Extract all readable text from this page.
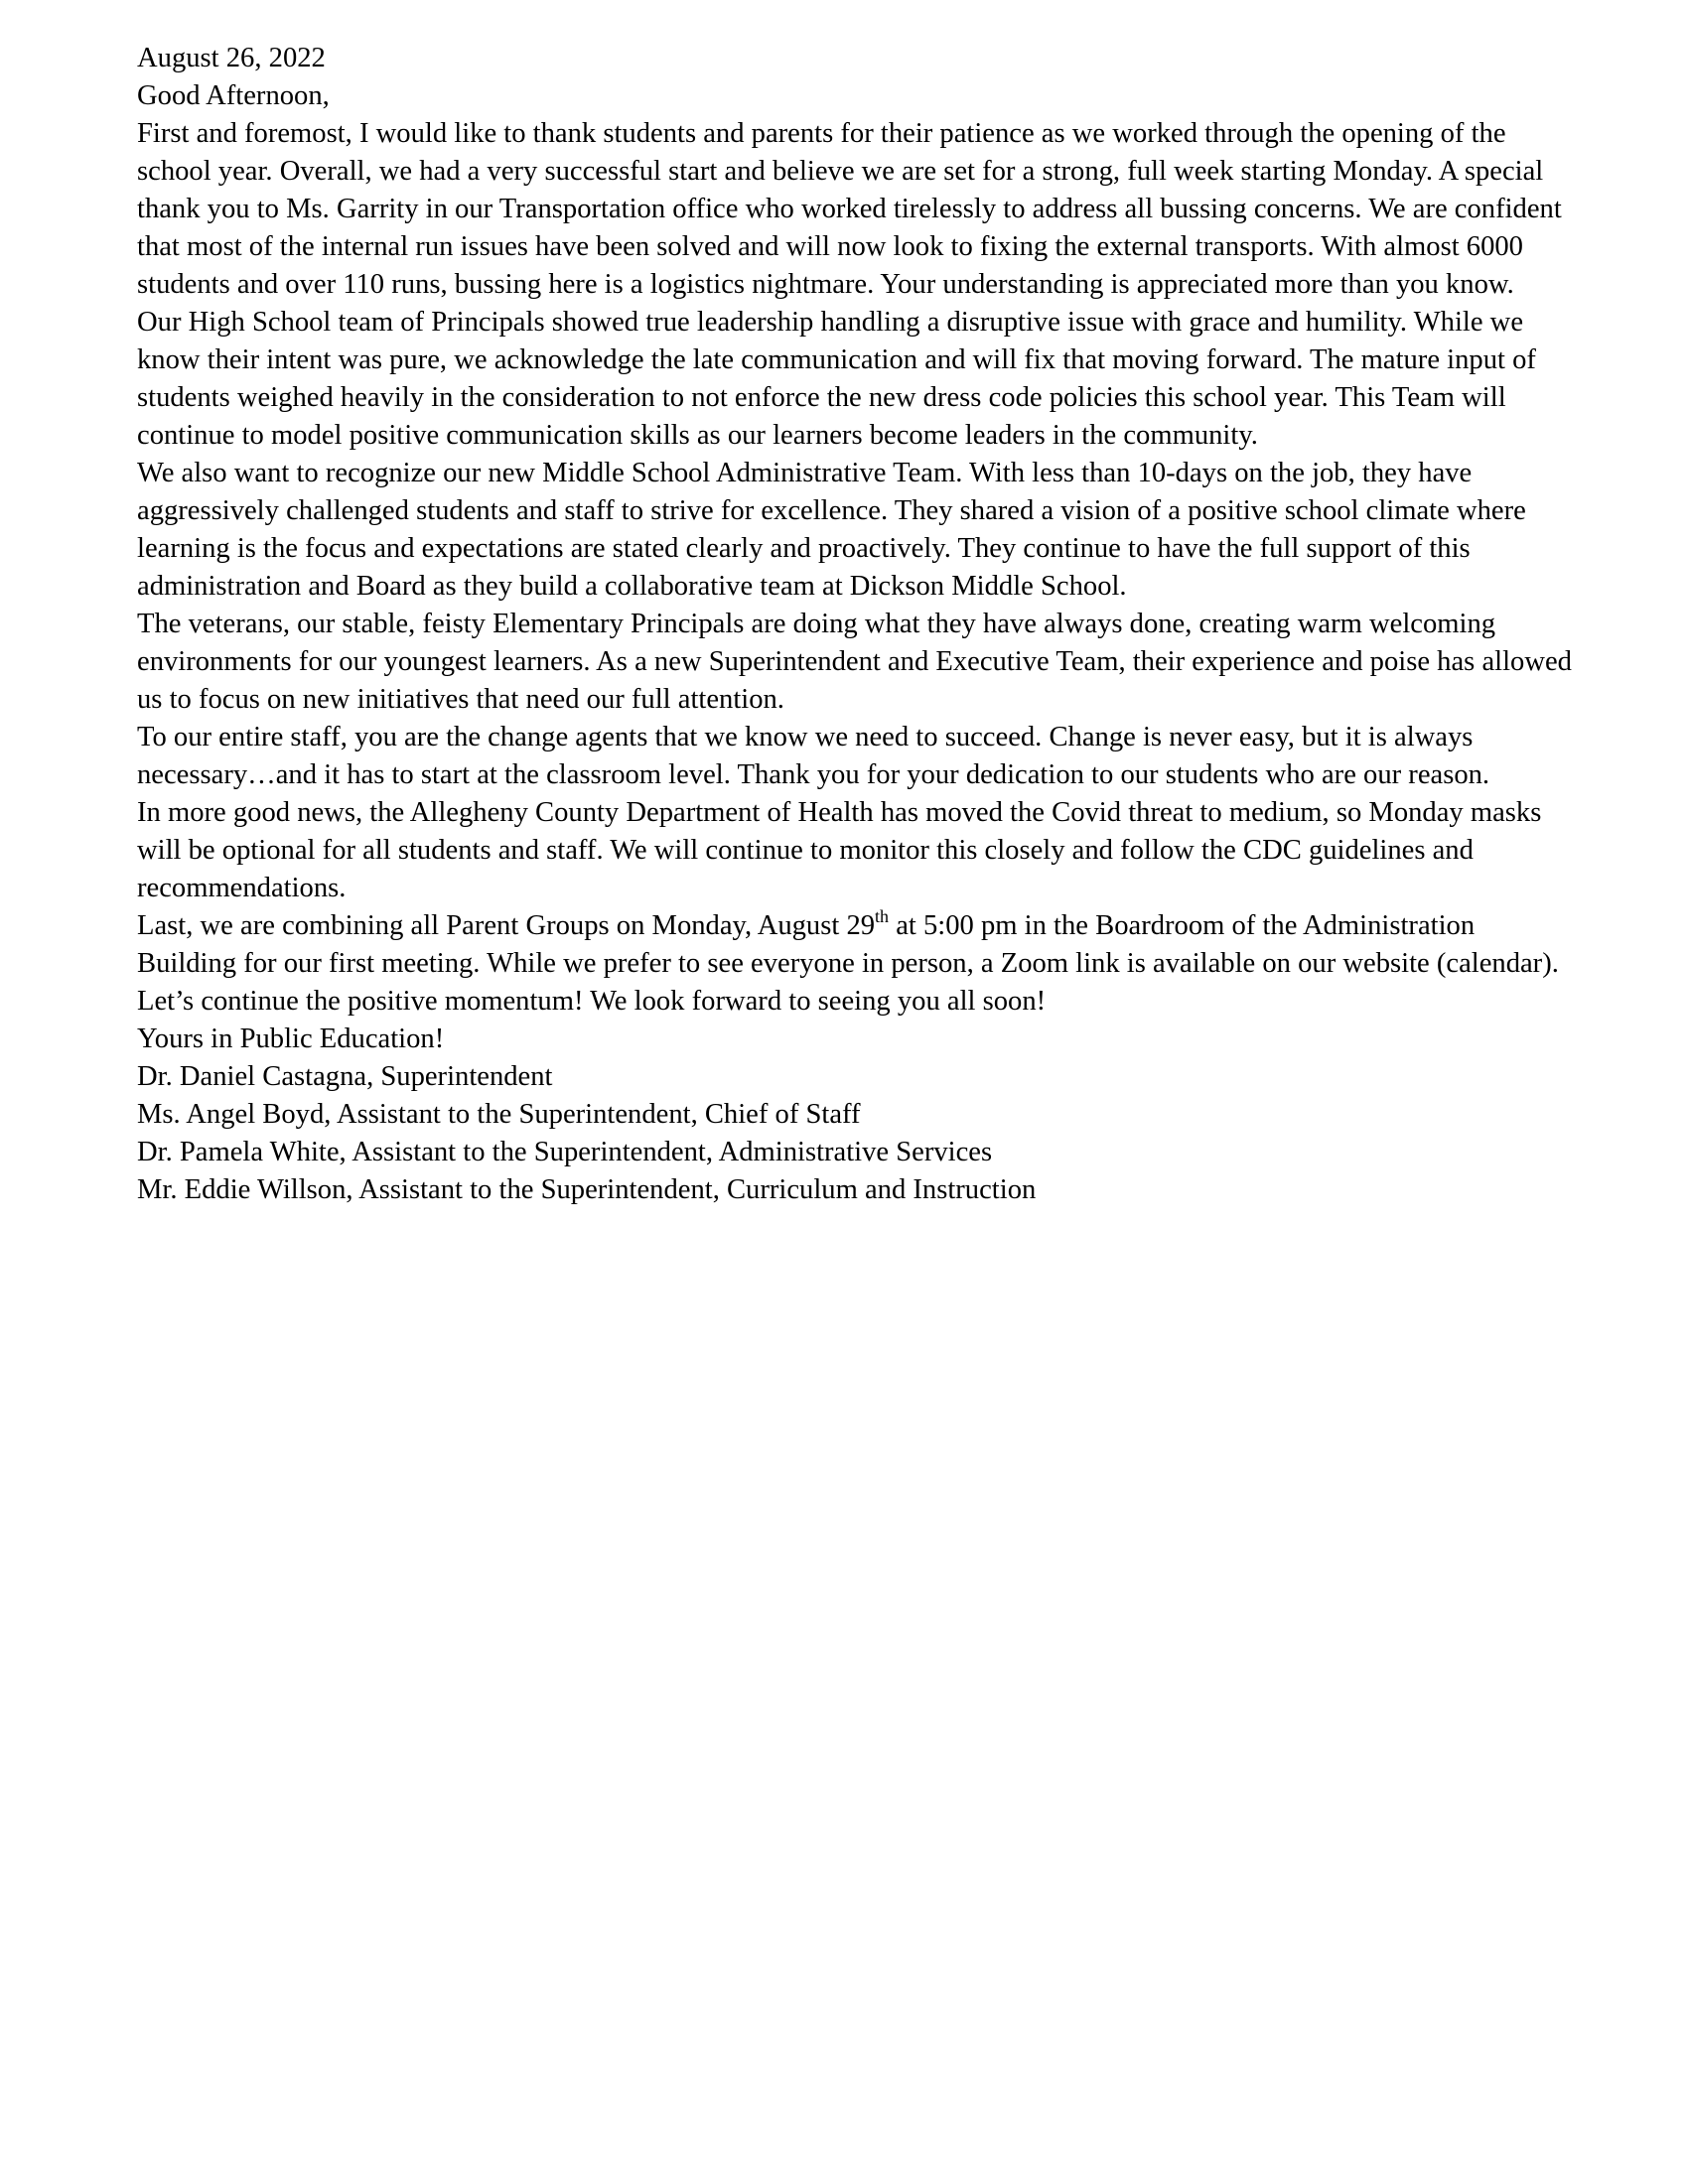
August 26, 2022

Good Afternoon,

First and foremost, I would like to thank students and parents for their patience as we worked through the opening of the school year. Overall, we had a very successful start and believe we are set for a strong, full week starting Monday. A special thank you to Ms. Garrity in our Transportation office who worked tirelessly to address all bussing concerns. We are confident that most of the internal run issues have been solved and will now look to fixing the external transports. With almost 6000 students and over 110 runs, bussing here is a logistics nightmare. Your understanding is appreciated more than you know.

Our High School team of Principals showed true leadership handling a disruptive issue with grace and humility. While we know their intent was pure, we acknowledge the late communication and will fix that moving forward. The mature input of students weighed heavily in the consideration to not enforce the new dress code policies this school year. This Team will continue to model positive communication skills as our learners become leaders in the community.

We also want to recognize our new Middle School Administrative Team. With less than 10-days on the job, they have aggressively challenged students and staff to strive for excellence. They shared a vision of a positive school climate where learning is the focus and expectations are stated clearly and proactively. They continue to have the full support of this administration and Board as they build a collaborative team at Dickson Middle School.

The veterans, our stable, feisty Elementary Principals are doing what they have always done, creating warm welcoming environments for our youngest learners. As a new Superintendent and Executive Team, their experience and poise has allowed us to focus on new initiatives that need our full attention.

To our entire staff, you are the change agents that we know we need to succeed. Change is never easy, but it is always necessary…and it has to start at the classroom level. Thank you for your dedication to our students who are our reason.

In more good news, the Allegheny County Department of Health has moved the Covid threat to medium, so Monday masks will be optional for all students and staff. We will continue to monitor this closely and follow the CDC guidelines and recommendations.

Last, we are combining all Parent Groups on Monday, August 29th at 5:00 pm in the Boardroom of the Administration Building for our first meeting. While we prefer to see everyone in person, a Zoom link is available on our website (calendar).

Let’s continue the positive momentum! We look forward to seeing you all soon!

Yours in Public Education!

Dr. Daniel Castagna, Superintendent

Ms. Angel Boyd, Assistant to the Superintendent, Chief of Staff

Dr. Pamela White, Assistant to the Superintendent, Administrative Services

Mr. Eddie Willson, Assistant to the Superintendent, Curriculum and Instruction
